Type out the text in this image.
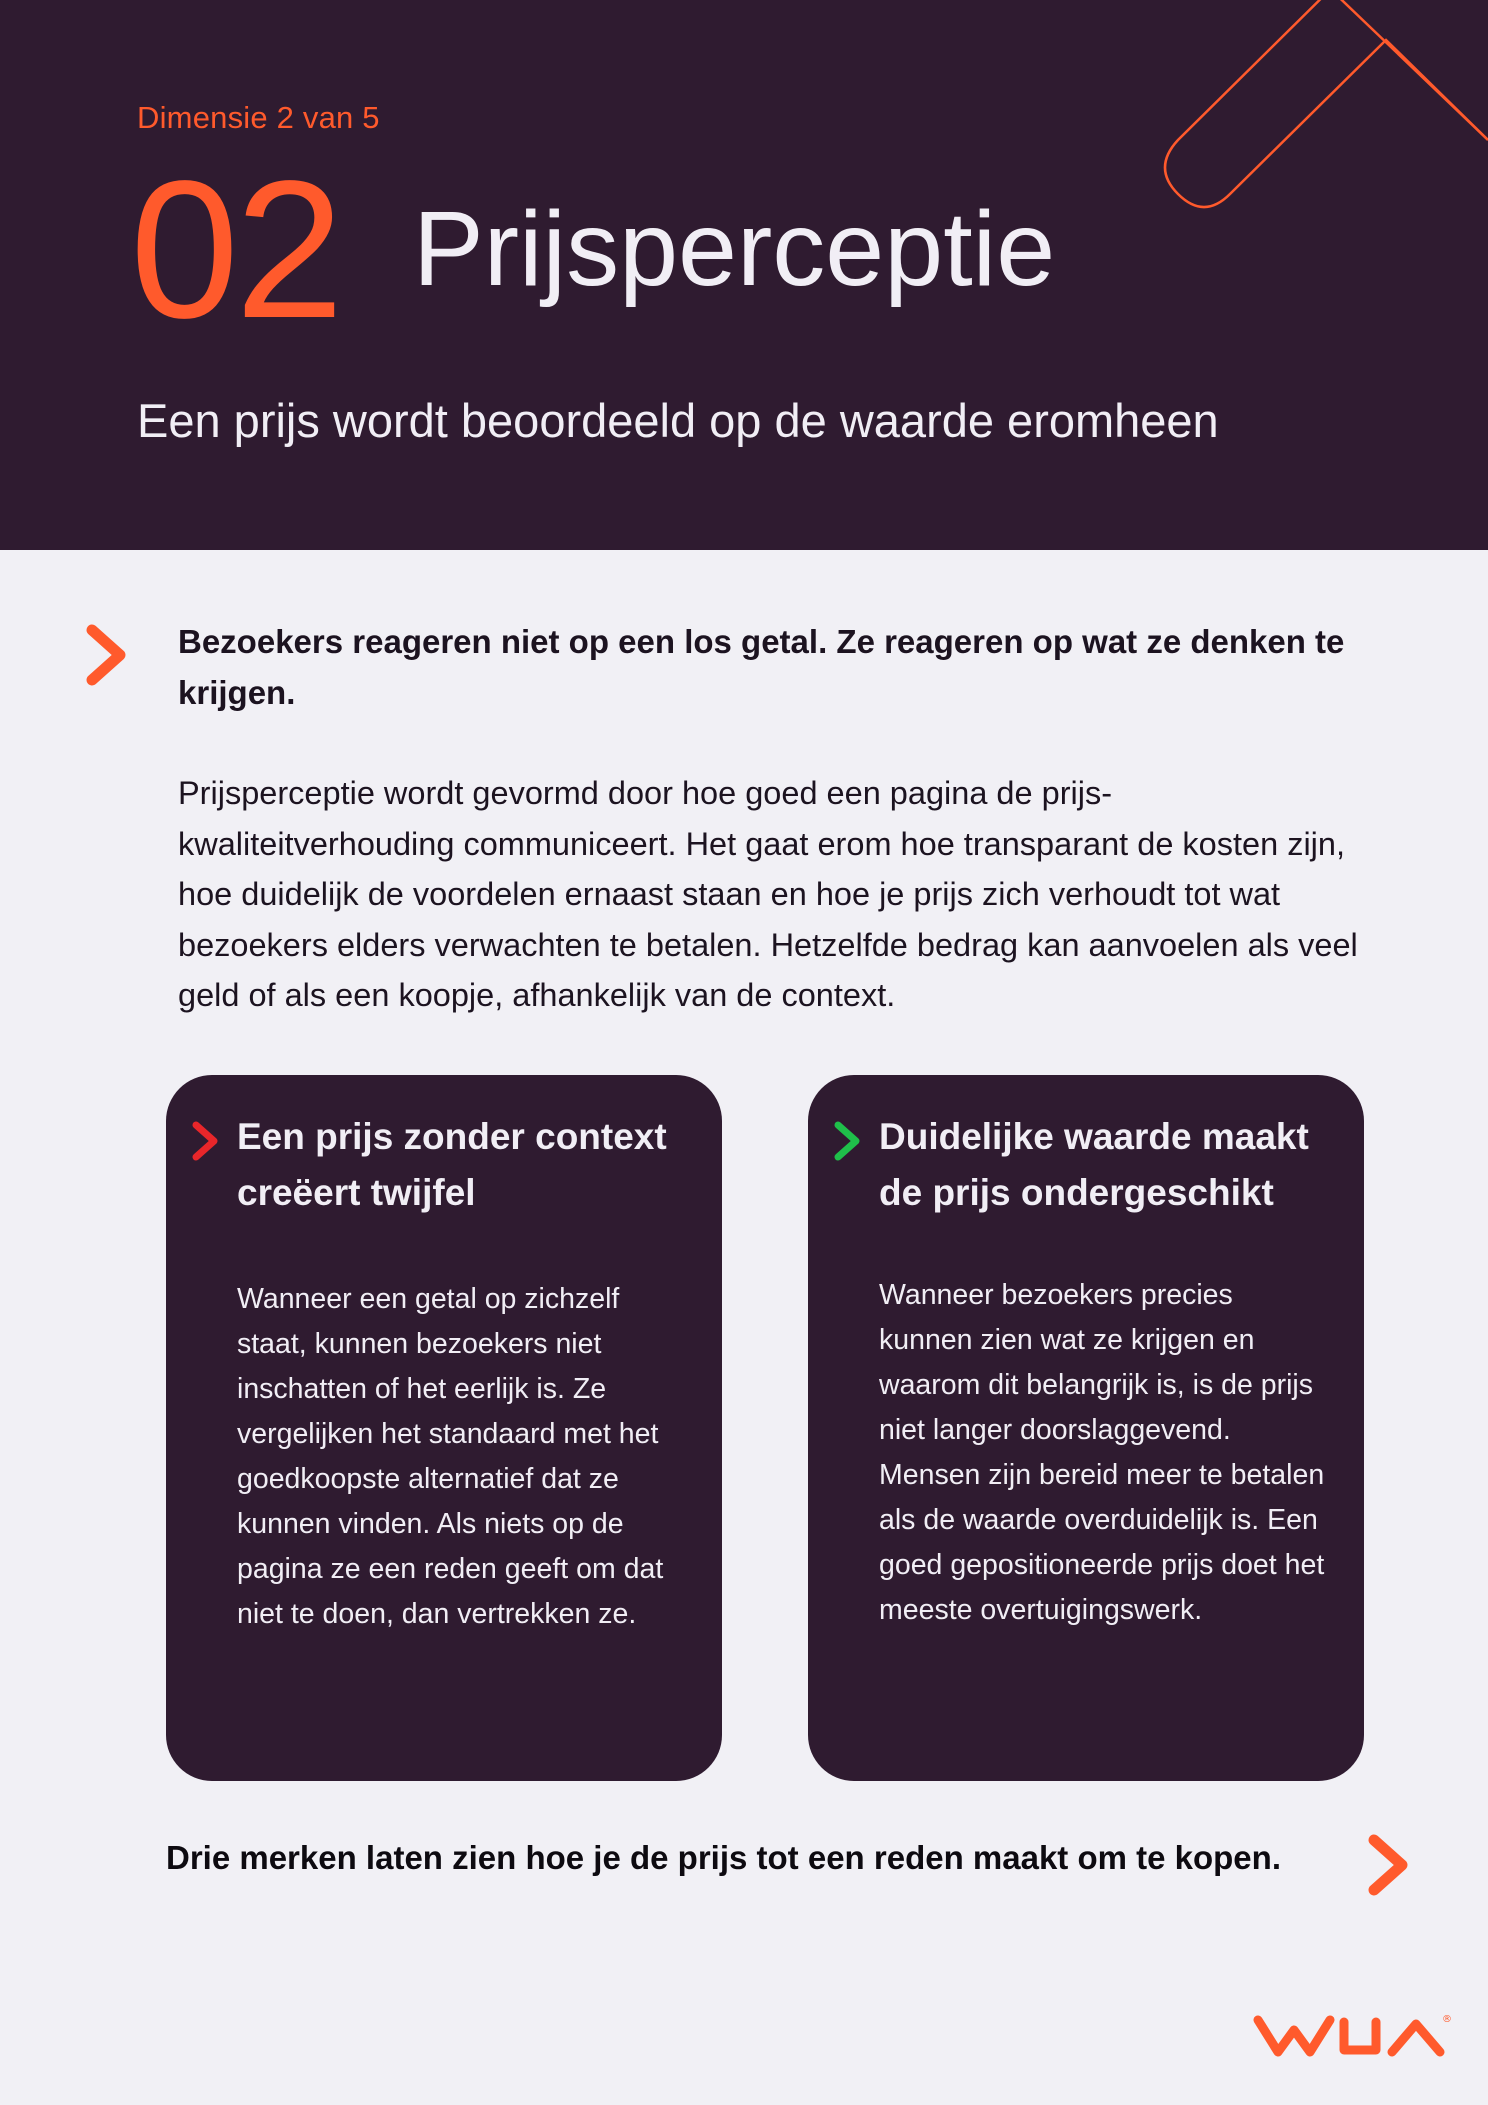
Dimensie 2 van 5
02 Prijsperceptie
Een prijs wordt beoordeeld op de waarde eromheen
Bezoekers reageren niet op een los getal. Ze reageren op wat ze denken te krijgen.
Prijsperceptie wordt gevormd door hoe goed een pagina de prijs-kwaliteitverhouding communiceert. Het gaat erom hoe transparant de kosten zijn, hoe duidelijk de voordelen ernaast staan en hoe je prijs zich verhoudt tot wat bezoekers elders verwachten te betalen. Hetzelfde bedrag kan aanvoelen als veel geld of als een koopje, afhankelijk van de context.
Een prijs zonder context creëert twijfel
Wanneer een getal op zichzelf staat, kunnen bezoekers niet inschatten of het eerlijk is. Ze vergelijken het standaard met het goedkoopste alternatief dat ze kunnen vinden. Als niets op de pagina ze een reden geeft om dat niet te doen, dan vertrekken ze.
Duidelijke waarde maakt de prijs ondergeschikt
Wanneer bezoekers precies kunnen zien wat ze krijgen en waarom dit belangrijk is, is de prijs niet langer doorslaggevend. Mensen zijn bereid meer te betalen als de waarde overduidelijk is. Een goed gepositioneerde prijs doet het meeste overtuigingswerk.
Drie merken laten zien hoe je de prijs tot een reden maakt om te kopen.
®
